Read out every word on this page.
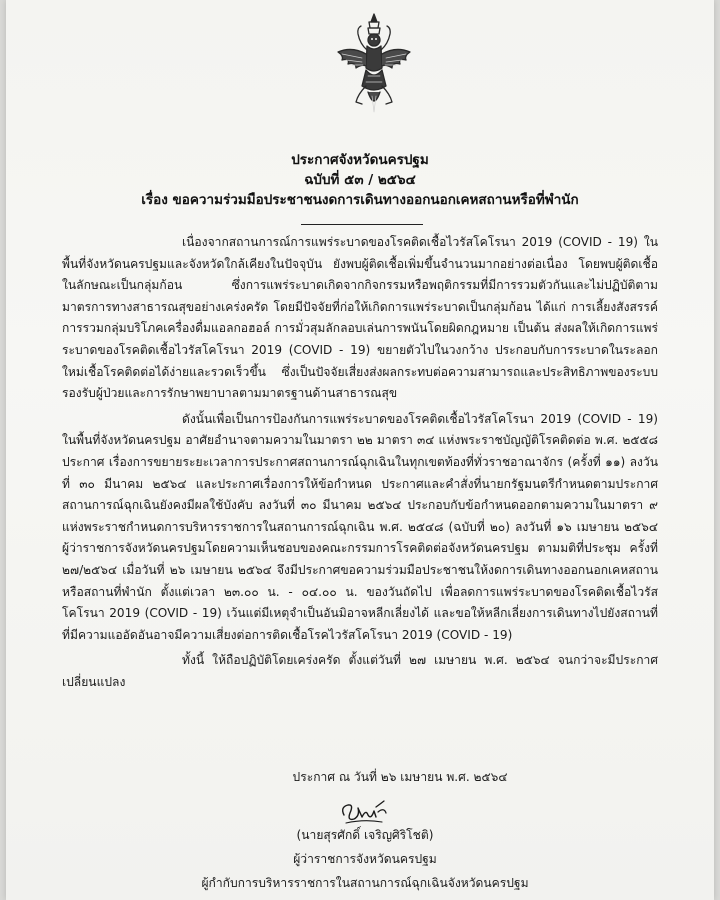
ประกาศจังหวัดนครปฐม
ฉบับที่ ๕๓ / ๒๕๖๔
เรื่อง ขอความร่วมมือประชาชนงดการเดินทางออกนอกเคหสถานหรือที่พำนัก

เนื่องจากสถานการณ์การแพร่ระบาดของโรคติดเชื้อไวรัสโคโรนา 2019 (COVID - 19) ในพื้นที่จังหวัดนครปฐมและจังหวัดใกล้เคียงในปัจจุบัน ยังพบผู้ติดเชื้อเพิ่มขึ้นจำนวนมากอย่างต่อเนื่อง โดยพบผู้ติดเชื้อในลักษณะเป็นกลุ่มก้อน ซึ่งการแพร่ระบาดเกิดจากกิจกรรมหรือพฤติกรรมที่มีการรวมตัวกันและไม่ปฏิบัติตามมาตรการทางสาธารณสุขอย่างเคร่งครัด โดยมีปัจจัยที่ก่อให้เกิดการแพร่ระบาดเป็นกลุ่มก้อน ได้แก่ การเลี้ยงสังสรรค์การรวมกลุ่มบริโภคเครื่องดื่มแอลกอฮอล์ การมั่วสุมลักลอบเล่นการพนันโดยผิดกฎหมาย เป็นต้น ส่งผลให้เกิดการแพร่ระบาดของโรคติดเชื้อไวรัสโคโรนา 2019 (COVID - 19) ขยายตัวไปในวงกว้าง ประกอบกับการระบาดในระลอกใหม่เชื้อโรคติดต่อได้ง่ายและรวดเร็วขึ้น ซึ่งเป็นปัจจัยเสี่ยงส่งผลกระทบต่อความสามารถและประสิทธิภาพของระบบรองรับผู้ป่วยและการรักษาพยาบาลตามมาตรฐานด้านสาธารณสุข

ดังนั้นเพื่อเป็นการป้องกันการแพร่ระบาดของโรคติดเชื้อไวรัสโคโรนา 2019 (COVID - 19) ในพื้นที่จังหวัดนครปฐม อาศัยอำนาจตามความในมาตรา ๒๒ มาตรา ๓๔ แห่งพระราชบัญญัติโรคติดต่อ พ.ศ. ๒๕๕๘ ประกาศ เรื่องการขยายระยะเวลาการประกาศสถานการณ์ฉุกเฉินในทุกเขตท้องที่ทั่วราชอาณาจักร (ครั้งที่ ๑๑) ลงวันที่ ๓๐ มีนาคม ๒๕๖๔ และประกาศเรื่องการให้ข้อกำหนด ประกาศและคำสั่งที่นายกรัฐมนตรีกำหนดตามประกาศสถานการณ์ฉุกเฉินยังคงมีผลใช้บังคับ ลงวันที่ ๓๐ มีนาคม ๒๕๖๔ ประกอบกับข้อกำหนดออกตามความในมาตรา ๙ แห่งพระราชกำหนดการบริหารราชการในสถานการณ์ฉุกเฉิน พ.ศ. ๒๕๔๘ (ฉบับที่ ๒๐) ลงวันที่ ๑๖ เมษายน ๒๕๖๔ ผู้ว่าราชการจังหวัดนครปฐมโดยความเห็นชอบของคณะกรรมการโรคติดต่อจังหวัดนครปฐม ตามมติที่ประชุม ครั้งที่ ๒๗/๒๕๖๔ เมื่อวันที่ ๒๖ เมษายน ๒๕๖๔ จึงมีประกาศขอความร่วมมือประชาชนให้งดการเดินทางออกนอกเคหสถานหรือสถานที่พำนัก ตั้งแต่เวลา ๒๓.๐๐ น. - ๐๔.๐๐ น. ของวันถัดไป เพื่อลดการแพร่ระบาดของโรคติดเชื้อไวรัสโคโรนา 2019 (COVID - 19) เว้นแต่มีเหตุจำเป็นอันมิอาจหลีกเลี่ยงได้ และขอให้หลีกเลี่ยงการเดินทางไปยังสถานที่ที่มีความแออัดอันอาจมีความเสี่ยงต่อการติดเชื้อโรคไวรัสโคโรนา 2019 (COVID - 19)

ทั้งนี้ ให้ถือปฏิบัติโดยเคร่งครัด ตั้งแต่วันที่ ๒๗ เมษายน พ.ศ. ๒๕๖๔ จนกว่าจะมีประกาศเปลี่ยนแปลง

ประกาศ ณ วันที่ ๒๖ เมษายน พ.ศ. ๒๕๖๔
(นายสุรศักดิ์ เจริญศิริโชติ)
ผู้ว่าราชการจังหวัดนครปฐม
ผู้กำกับการบริหารราชการในสถานการณ์ฉุกเฉินจังหวัดนครปฐม
